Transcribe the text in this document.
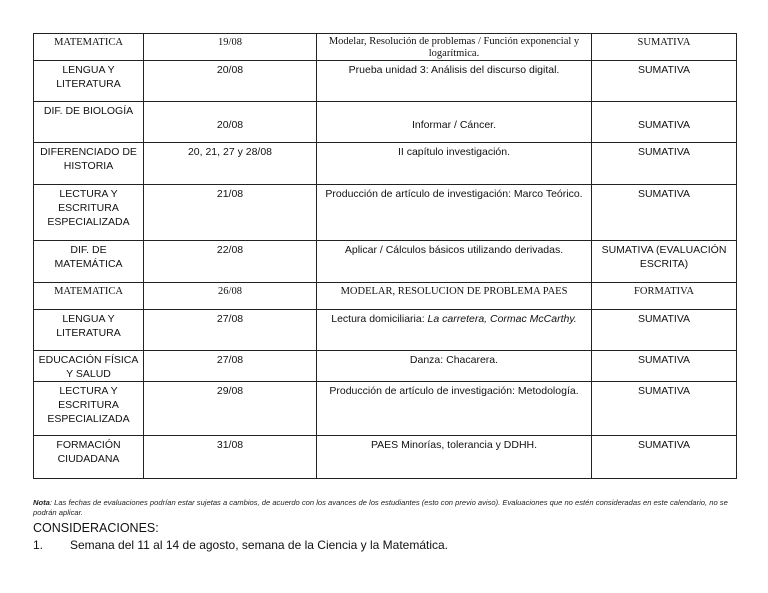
MATEMATICA	19/08	Modelar, Resolución de problemas / Función exponencial y logarítmica.	SUMATIVA
LENGUA Y LITERATURA	20/08	Prueba unidad 3: Análisis del discurso digital.	SUMATIVA
DIF. DE BIOLOGÍA	20/08	Informar / Cáncer.	SUMATIVA
DIFERENCIADO DE HISTORIA	20, 21, 27 y 28/08	II capítulo investigación.	SUMATIVA
LECTURA Y ESCRITURA ESPECIALIZADA	21/08	Producción de artículo de investigación: Marco Teórico.	SUMATIVA
DIF. DE MATEMÁTICA	22/08	Aplicar / Cálculos básicos utilizando derivadas.	SUMATIVA (EVALUACIÓN ESCRITA)
MATEMATICA	26/08	MODELAR, RESOLUCION DE PROBLEMA PAES	FORMATIVA
LENGUA Y LITERATURA	27/08	Lectura domiciliaria: La carretera, Cormac McCarthy.	SUMATIVA
EDUCACIÓN FÍSICA Y SALUD	27/08	Danza: Chacarera.	SUMATIVA
LECTURA Y ESCRITURA ESPECIALIZADA	29/08	Producción de artículo de investigación: Metodología.	SUMATIVA
FORMACIÓN CIUDADANA	31/08	PAES Minorías, tolerancia y DDHH.	SUMATIVA
Nota: Las fechas de evaluaciones podrían estar sujetas a cambios, de acuerdo con los avances de los estudiantes (esto con previo aviso). Evaluaciones que no estén consideradas en este calendario, no se podrán aplicar.
CONSIDERACIONES:
1. Semana del 11 al 14 de agosto, semana de la Ciencia y la Matemática.
